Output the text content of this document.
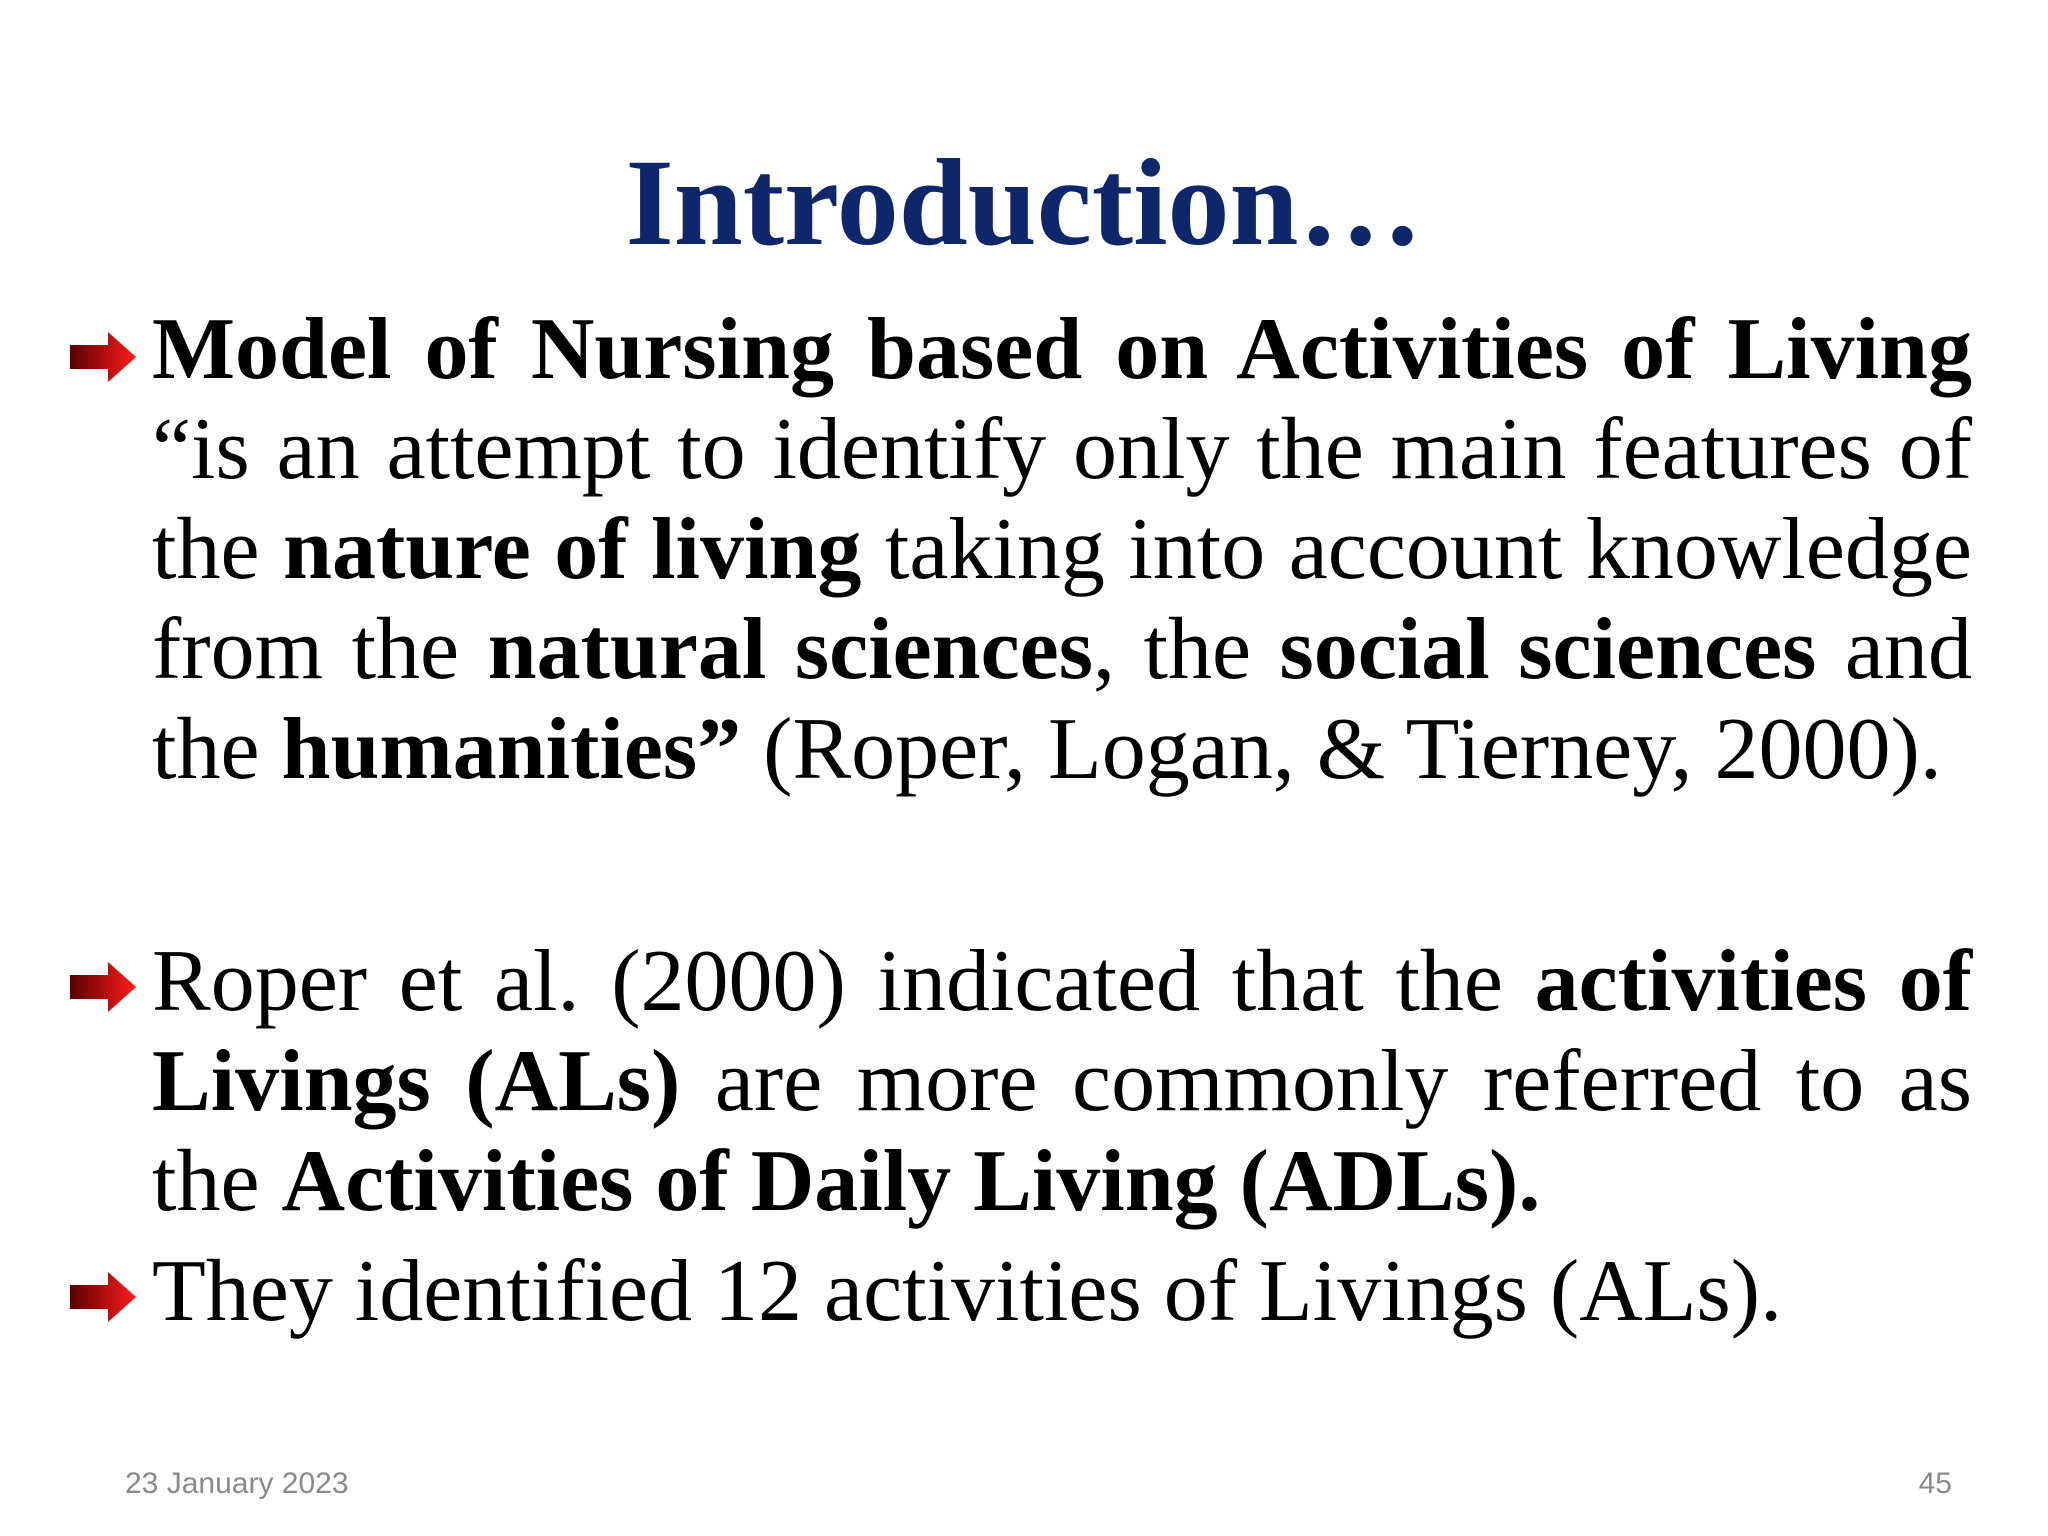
Introduction…

Model of Nursing based on Activities of Living “is an attempt to identify only the main features of the nature of living taking into account knowledge from the natural sciences, the social sciences and the humanities” (Roper, Logan, & Tierney, 2000).

Roper et al. (2000) indicated that the activities of Livings (ALs) are more commonly referred to as the Activities of Daily Living (ADLs).

They identified 12 activities of Livings (ALs).

23 January 2023	45
